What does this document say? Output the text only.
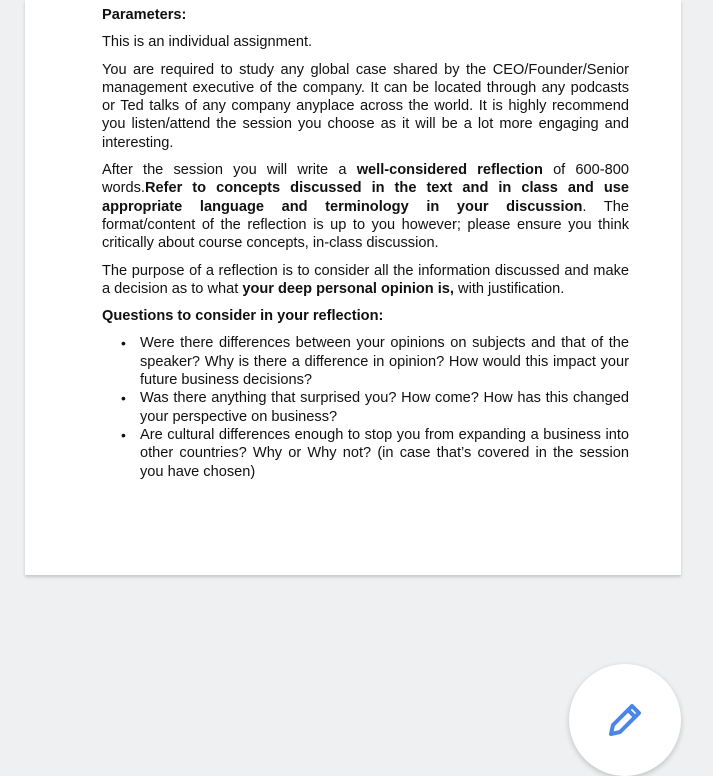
Parameters:

This is an individual assignment.

You are required to study any global case shared by the CEO/Founder/Senior management executive of the company. It can be located through any podcasts or Ted talks of any company anyplace across the world. It is highly recommend you listen/attend the session you choose as it will be a lot more engaging and interesting.

After the session you will write a well-considered reflection of 600-800 words.Refer to concepts discussed in the text and in class and use appropriate language and terminology in your discussion. The format/content of the reflection is up to you however; please ensure you think critically about course concepts, in-class discussion.

The purpose of a reflection is to consider all the information discussed and make a decision as to what your deep personal opinion is, with justification.

Questions to consider in your reflection:

• Were there differences between your opinions on subjects and that of the speaker? Why is there a difference in opinion? How would this impact your future business decisions?
• Was there anything that surprised you? How come? How has this changed your perspective on business?
• Are cultural differences enough to stop you from expanding a business into other countries? Why or Why not? (in case that’s covered in the session you have chosen)
